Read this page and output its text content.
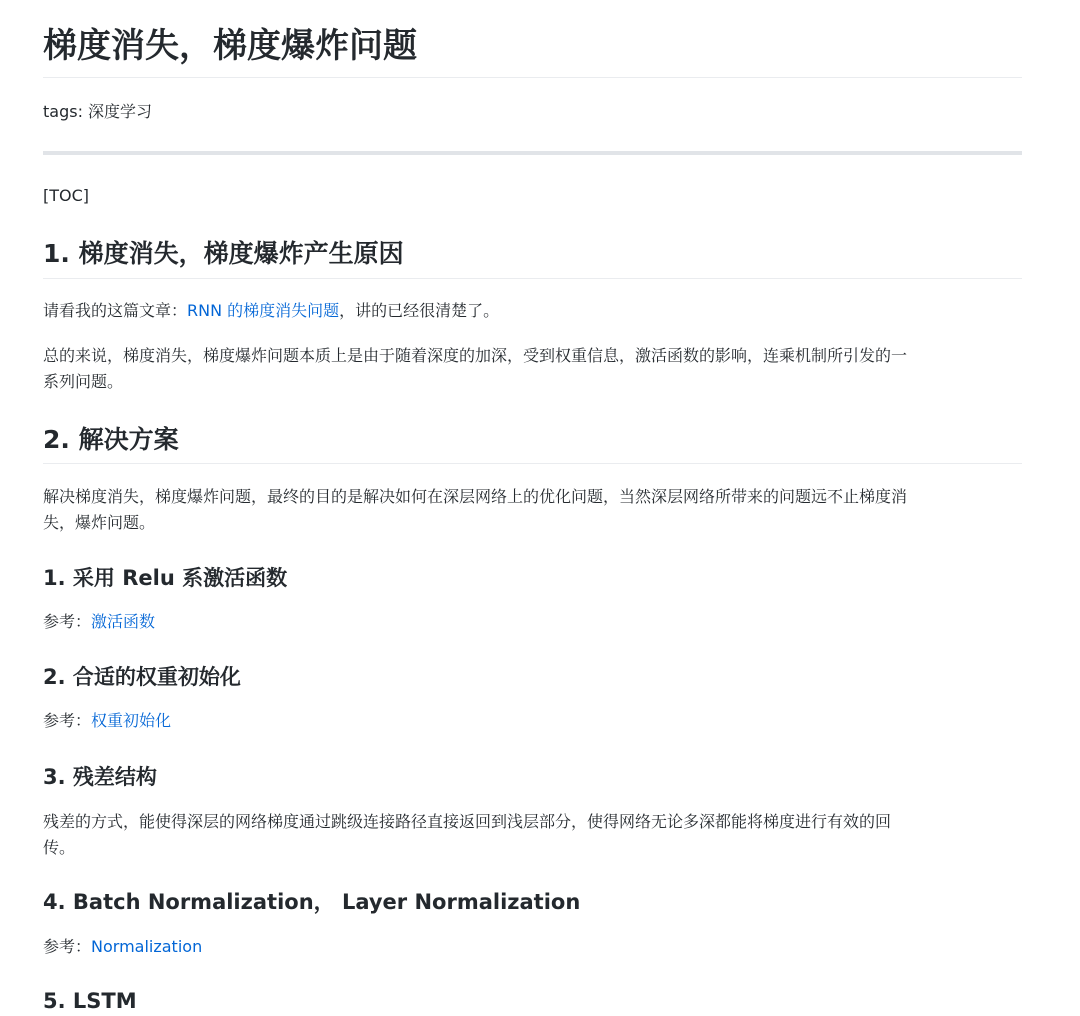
梯度消失，梯度爆炸问题
tags: 深度学习
[TOC]
1. 梯度消失，梯度爆炸产生原因
请看我的这篇文章：RNN 的梯度消失问题，讲的已经很清楚了。
总的来说，梯度消失，梯度爆炸问题本质上是由于随着深度的加深，受到权重信息，激活函数的影响，连乘机制所引发的一
系列问题。
2. 解决方案
解决梯度消失，梯度爆炸问题，最终的目的是解决如何在深层网络上的优化问题，当然深层网络所带来的问题远不止梯度消
失，爆炸问题。
1. 采用 Relu 系激活函数
参考：激活函数
2. 合适的权重初始化
参考：权重初始化
3. 残差结构
残差的方式，能使得深层的网络梯度通过跳级连接路径直接返回到浅层部分，使得网络无论多深都能将梯度进行有效的回
传。
4. Batch Normalization， Layer Normalization
参考：Normalization
5. LSTM
